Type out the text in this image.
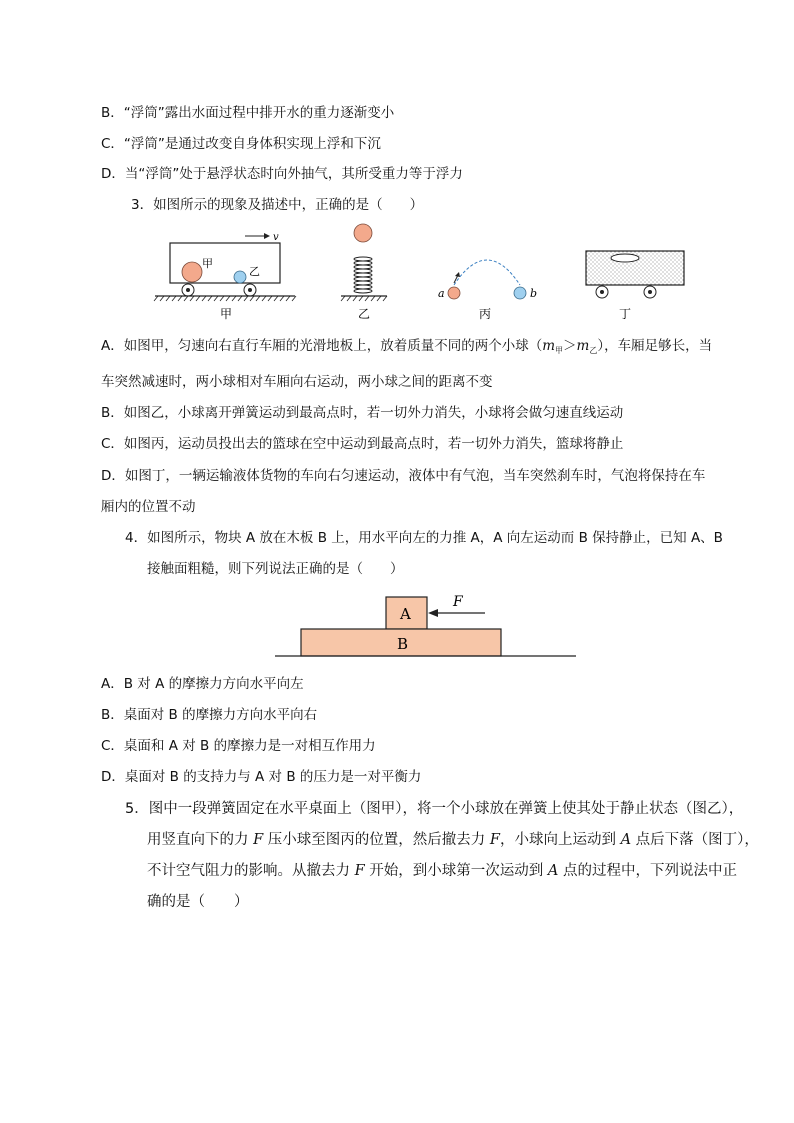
B．“浮筒”露出水面过程中排开水的重力逐渐变小
C．“浮筒”是通过改变自身体积实现上浮和下沉
D．当“浮筒”处于悬浮状态时向外抽气，其所受重力等于浮力
3．如图所示的现象及描述中，正确的是（　　）
v
甲
乙
甲	乙
a	b
丙	丁
A．如图甲，匀速向右直行车厢的光滑地板上，放着质量不同的两个小球$(m_甲>m_乙)$，车厢足够长，当
车突然减速时，两小球相对车厢向右运动，两小球之间的距离不变
B．如图乙，小球离开弹簧运动到最高点时，若一切外力消失，小球将会做匀速直线运动
C．如图丙，运动员投出去的篮球在空中运动到最高点时，若一切外力消失，篮球将静止
D．如图丁，一辆运输液体货物的车向右匀速运动，液体中有气泡，当车突然刹车时，气泡将保持在车
厢内的位置不动
4．如图所示，物块 A 放在木板 B 上，用水平向左的力推 A，A 向左运动而 B 保持静止，已知 A、B
接触面粗糙，则下列说法正确的是（　　）
A
B
F
A．B 对 A 的摩擦力方向水平向左
B．桌面对 B 的摩擦力方向水平向右
C．桌面和 A 对 B 的摩擦力是一对相互作用力
D．桌面对 B 的支持力与 A 对 B 的压力是一对平衡力
5．图中一段弹簧固定在水平桌面上（图甲），将一个小球放在弹簧上使其处于静止状态（图乙），
用竖直向下的力 F 压小球至图丙的位置，然后撤去力 F，小球向上运动到 A 点后下落（图丁），
不计空气阻力的影响。从撤去力 F 开始，到小球第一次运动到 A 点的过程中，下列说法中正
确的是（　　）
